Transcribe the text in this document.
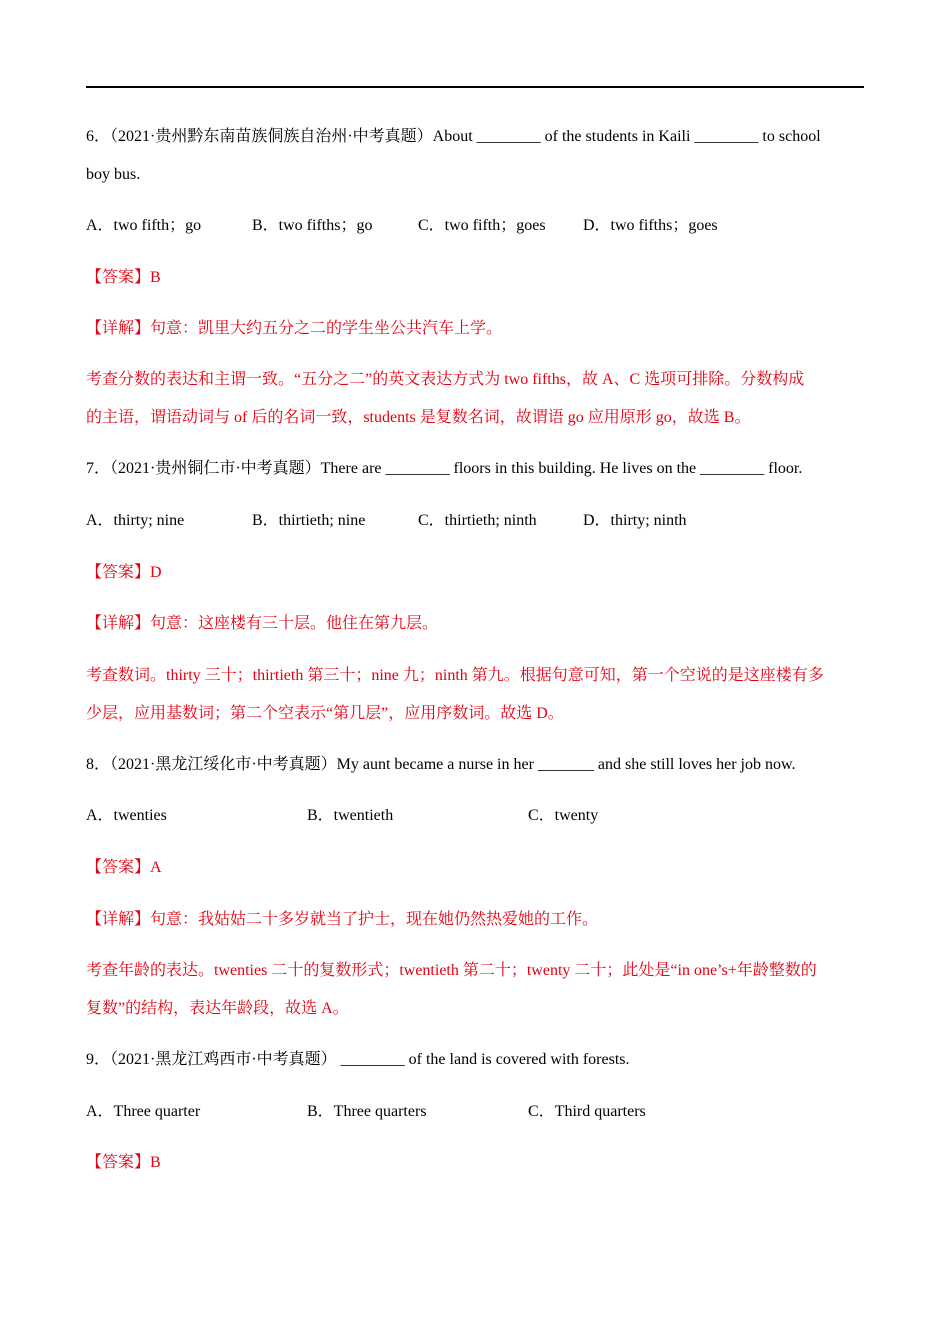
6．（2021·贵州黔东南苗族侗族自治州·中考真题）About ________ of the students in Kaili ________ to school
boy bus.
A．two fifth；go	B．two fifths；go	C．two fifth；goes D．two fifths；goes
【答案】B
【详解】句意：凯里大约五分之二的学生坐公共汽车上学。
考查分数的表达和主谓一致。“五分之二”的英文表达方式为 two fifths，故 A、C 选项可排除。分数构成
的主语，谓语动词与 of 后的名词一致，students 是复数名词，故谓语 go 应用原形 go，故选 B。
7．（2021·贵州铜仁市·中考真题）There are ________ floors in this building. He lives on the ________ floor.
A．thirty; nine	B．thirtieth; nine	C．thirtieth; ninth	D．thirty; ninth
【答案】D
【详解】句意：这座楼有三十层。他住在第九层。
考查数词。thirty 三十；thirtieth 第三十；nine 九；ninth 第九。根据句意可知，第一个空说的是这座楼有多
少层，应用基数词；第二个空表示“第几层”，应用序数词。故选 D。
8．（2021·黑龙江绥化市·中考真题）My aunt became a nurse in her _______ and she still loves her job now.
A．twenties	B．twentieth	C．twenty
【答案】A
【详解】句意：我姑姑二十多岁就当了护士，现在她仍然热爱她的工作。
考查年龄的表达。twenties 二十的复数形式；twentieth 第二十；twenty 二十；此处是“in one’s+年龄整数的
复数”的结构，表达年龄段，故选 A。
9．（2021·黑龙江鸡西市·中考真题） ________ of the land is covered with forests.
A．Three quarter	B．Three quarters	C．Third quarters
【答案】B
